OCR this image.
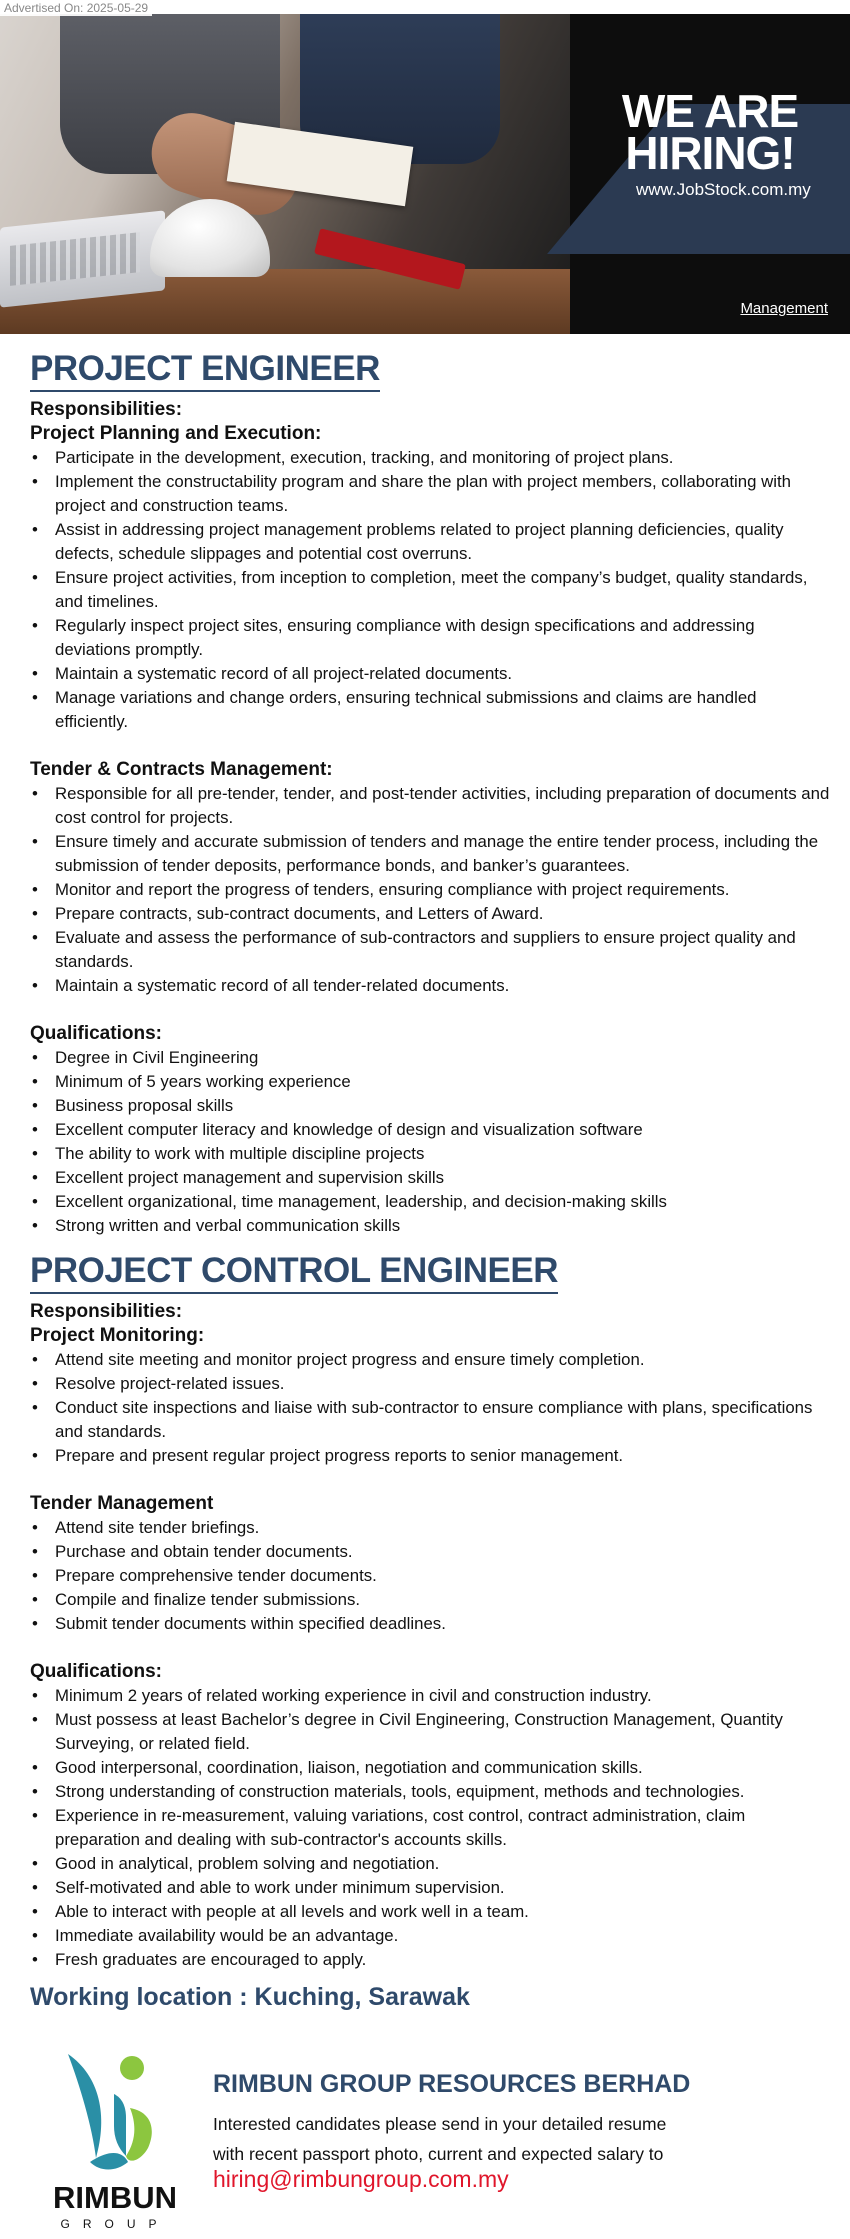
Advertised On: 2025-05-29
WE ARE
HIRING!
www.JobStock.com.my
Management
PROJECT ENGINEER
Responsibilities:
Project Planning and Execution:
• Participate in the development, execution, tracking, and monitoring of project plans.
• Implement the constructability program and share the plan with project members, collaborating with project and construction teams.
• Assist in addressing project management problems related to project planning deficiencies, quality defects, schedule slippages and potential cost overruns.
• Ensure project activities, from inception to completion, meet the company’s budget, quality standards, and timelines.
• Regularly inspect project sites, ensuring compliance with design specifications and addressing deviations promptly.
• Maintain a systematic record of all project-related documents.
• Manage variations and change orders, ensuring technical submissions and claims are handled efficiently.
Tender & Contracts Management:
• Responsible for all pre-tender, tender, and post-tender activities, including preparation of documents and cost control for projects.
• Ensure timely and accurate submission of tenders and manage the entire tender process, including the submission of tender deposits, performance bonds, and banker’s guarantees.
• Monitor and report the progress of tenders, ensuring compliance with project requirements.
• Prepare contracts, sub-contract documents, and Letters of Award.
• Evaluate and assess the performance of sub-contractors and suppliers to ensure project quality and standards.
• Maintain a systematic record of all tender-related documents.
Qualifications:
• Degree in Civil Engineering
• Minimum of 5 years working experience
• Business proposal skills
• Excellent computer literacy and knowledge of design and visualization software
• The ability to work with multiple discipline projects
• Excellent project management and supervision skills
• Excellent organizational, time management, leadership, and decision-making skills
• Strong written and verbal communication skills
PROJECT CONTROL ENGINEER
Responsibilities:
Project Monitoring:
• Attend site meeting and monitor project progress and ensure timely completion.
• Resolve project-related issues.
• Conduct site inspections and liaise with sub-contractor to ensure compliance with plans, specifications and standards.
• Prepare and present regular project progress reports to senior management.
Tender Management
• Attend site tender briefings.
• Purchase and obtain tender documents.
• Prepare comprehensive tender documents.
• Compile and finalize tender submissions.
• Submit tender documents within specified deadlines.
Qualifications:
• Minimum 2 years of related working experience in civil and construction industry.
• Must possess at least Bachelor’s degree in Civil Engineering, Construction Management, Quantity Surveying, or related field.
• Good interpersonal, coordination, liaison, negotiation and communication skills.
• Strong understanding of construction materials, tools, equipment, methods and technologies.
• Experience in re-measurement, valuing variations, cost control, contract administration, claim preparation and dealing with sub-contractor's accounts skills.
• Good in analytical, problem solving and negotiation.
• Self-motivated and able to work under minimum supervision.
• Able to interact with people at all levels and work well in a team.
• Immediate availability would be an advantage.
• Fresh graduates are encouraged to apply.
Working location : Kuching, Sarawak
RIMBUN
GROUP
RIMBUN GROUP RESOURCES BERHAD
Interested candidates please send in your detailed resume
with recent passport photo, current and expected salary to
hiring@rimbungroup.com.my
